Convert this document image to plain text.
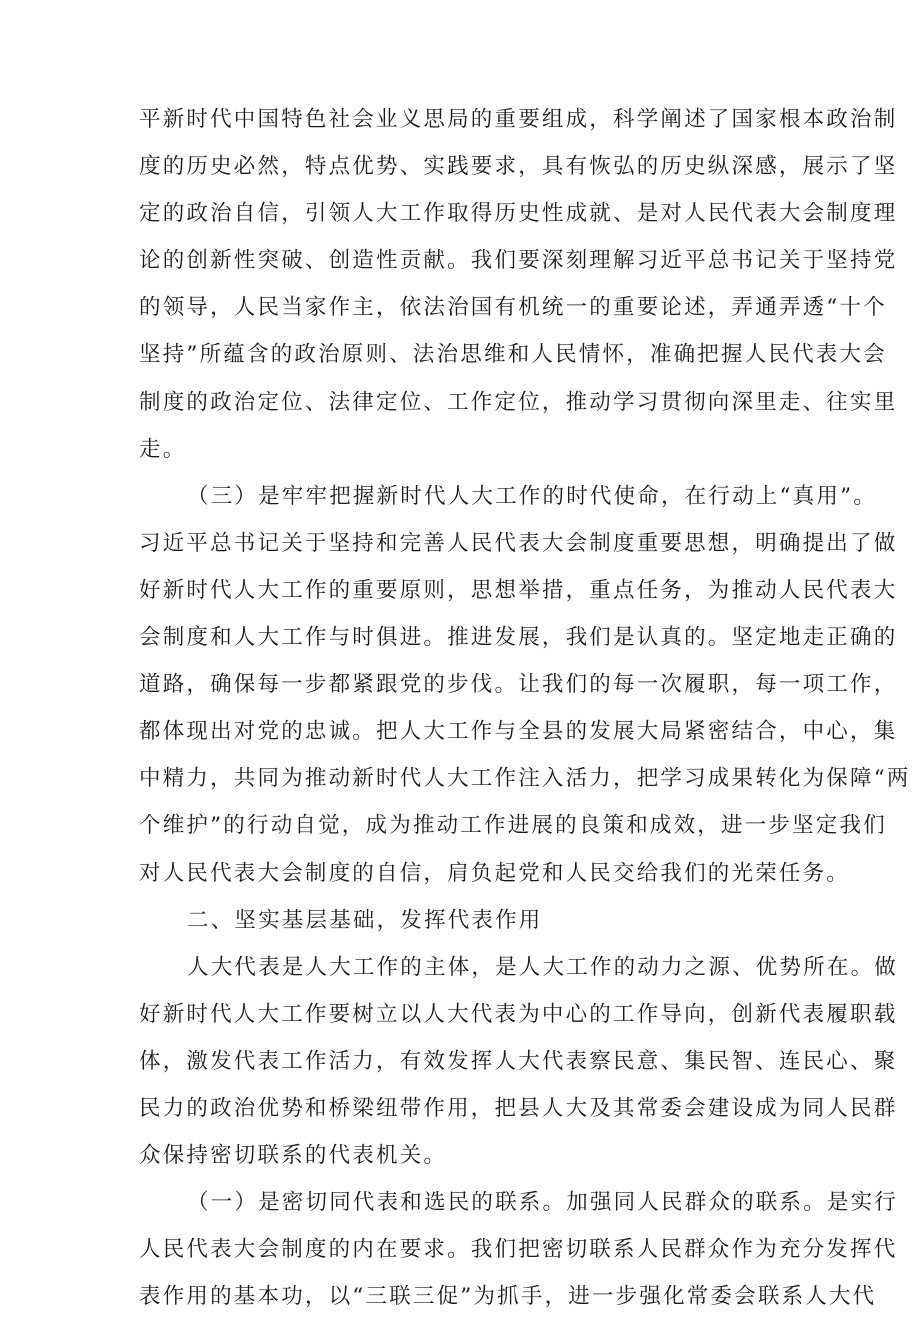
平新时代中国特色社会业义思局的重要组成，科学阐述了国家根本政治制
度的历史必然，特点优势、实践要求，具有恢弘的历史纵深感，展示了坚
定的政治自信，引领人大工作取得历史性成就、是对人民代表大会制度理
论的创新性突破、创造性贡献。我们要深刻理解习近平总书记关于坚持党
的领导，人民当家作主，依法治国有机统一的重要论述，弄通弄透“十个
坚持”所蕴含的政治原则、法治思维和人民情怀，准确把握人民代表大会
制度的政治定位、法律定位、工作定位，推动学习贯彻向深里走、往实里
走。
（三）是牢牢把握新时代人大工作的时代使命，在行动上“真用”。
习近平总书记关于坚持和完善人民代表大会制度重要思想，明确提出了做
好新时代人大工作的重要原则，思想举措，重点任务，为推动人民代表大
会制度和人大工作与时俱进。推进发展，我们是认真的。坚定地走正确的
道路，确保每一步都紧跟党的步伐。让我们的每一次履职，每一项工作，
都体现出对党的忠诚。把人大工作与全县的发展大局紧密结合，中心，集
中精力，共同为推动新时代人大工作注入活力，把学习成果转化为保障“两
个维护”的行动自觉，成为推动工作进展的良策和成效，进一步坚定我们
对人民代表大会制度的自信，肩负起党和人民交给我们的光荣任务。
二、坚实基层基础，发挥代表作用
人大代表是人大工作的主体，是人大工作的动力之源、优势所在。做
好新时代人大工作要树立以人大代表为中心的工作导向，创新代表履职载
体，激发代表工作活力，有效发挥人大代表察民意、集民智、连民心、聚
民力的政治优势和桥梁纽带作用，把县人大及其常委会建设成为同人民群
众保持密切联系的代表机关。
（一）是密切同代表和选民的联系。加强同人民群众的联系。是实行
人民代表大会制度的内在要求。我们把密切联系人民群众作为充分发挥代
表作用的基本功，以“三联三促”为抓手，进一步强化常委会联系人大代
